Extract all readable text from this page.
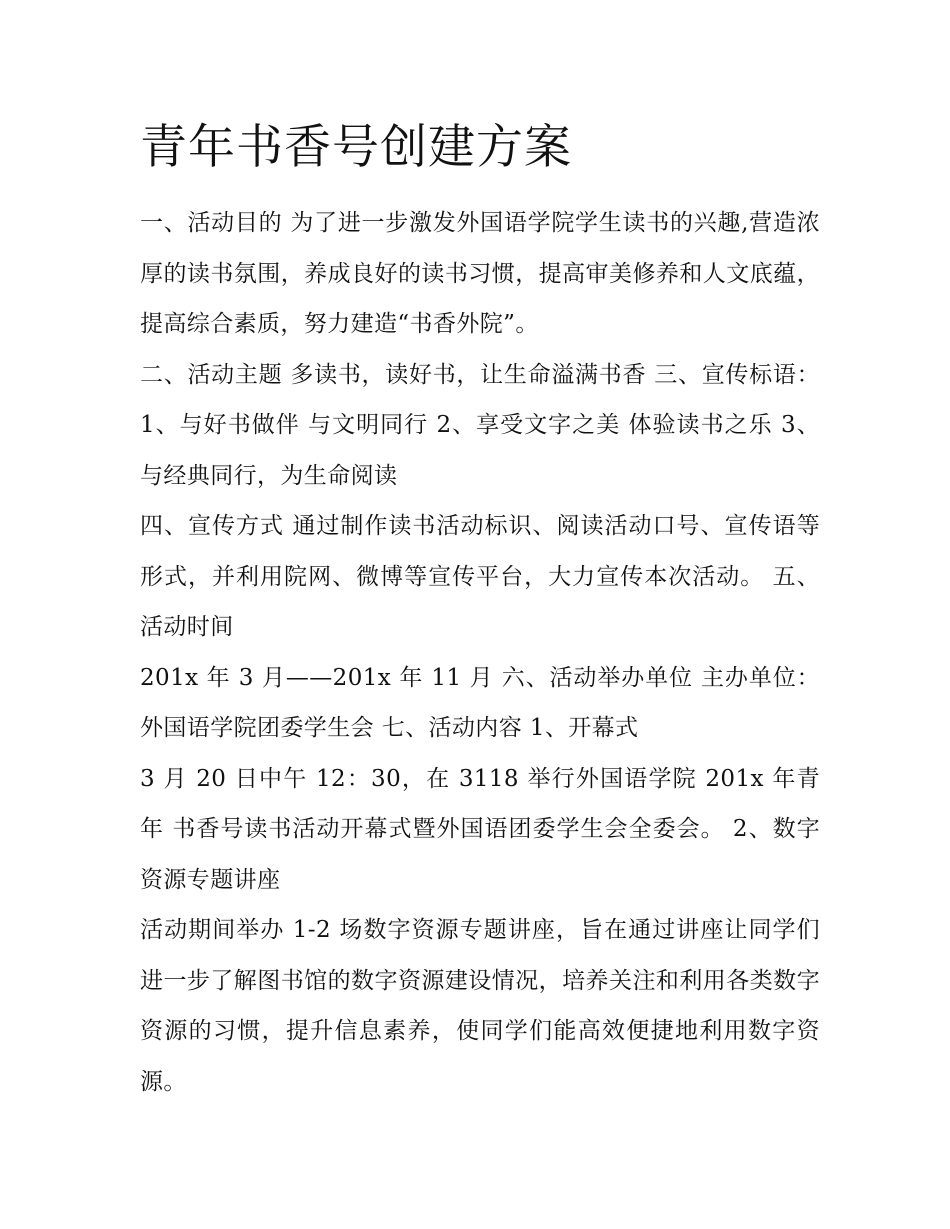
青年书香号创建方案

一、活动目的 为了进一步激发外国语学院学生读书的兴趣,营造浓厚的读书氛围，养成良好的读书习惯，提高审美修养和人文底蕴，提高综合素质，努力建造“书香外院”。

二、活动主题 多读书，读好书，让生命溢满书香 三、宣传标语： 1、与好书做伴 与文明同行 2、享受文字之美 体验读书之乐 3、与经典同行，为生命阅读

四、宣传方式 通过制作读书活动标识、阅读活动口号、宣传语等形式，并利用院网、微博等宣传平台，大力宣传本次活动。 五、活动时间

201x 年 3 月——201x 年 11 月 六、活动举办单位 主办单位：外国语学院团委学生会 七、活动内容 1、开幕式

3 月 20 日中午 12：30，在 3118 举行外国语学院 201x 年青年 书香号读书活动开幕式暨外国语团委学生会全委会。 2、数字资源专题讲座

活动期间举办 1-2 场数字资源专题讲座，旨在通过讲座让同学们进一步了解图书馆的数字资源建设情况，培养关注和利用各类数字资源的习惯，提升信息素养，使同学们能高效便捷地利用数字资源。
